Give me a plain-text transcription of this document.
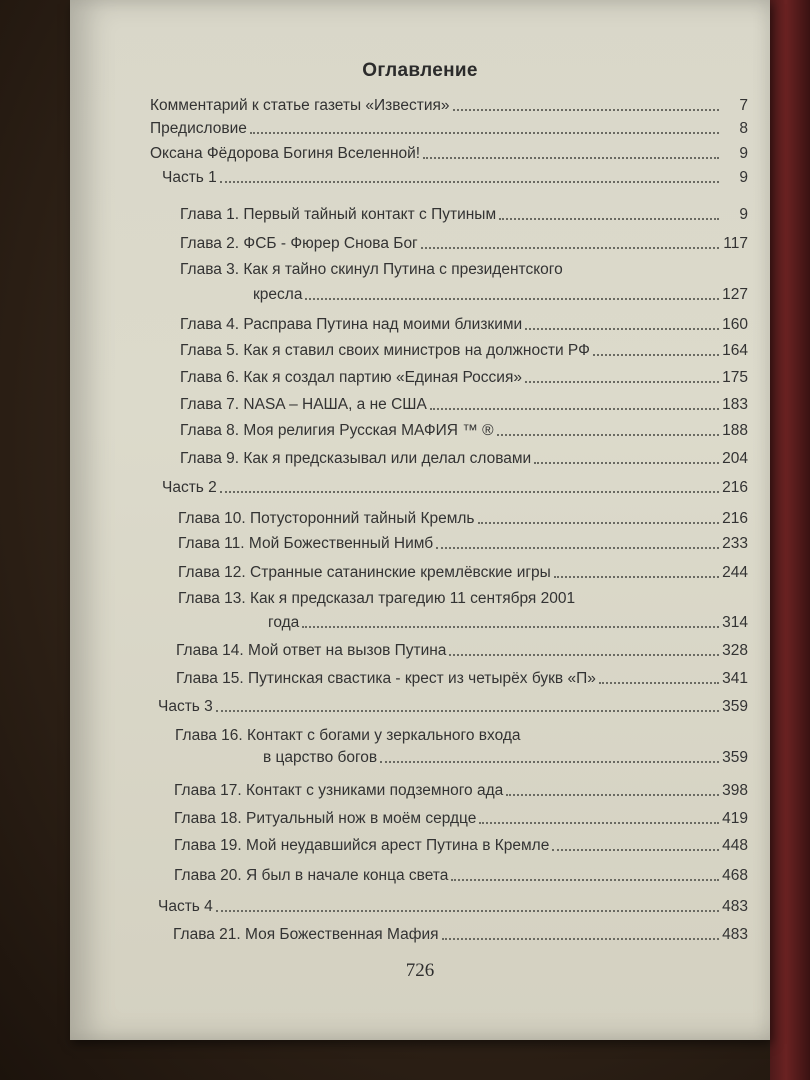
Оглавление
Комментарий к статье газеты «Известия»	7
Предисловие	8
Оксана Фёдорова Богиня Вселенной!	9
Часть 1	9
Глава 1. Первый тайный контакт с Путиным	9
Глава 2. ФСБ - Фюрер Снова Бог	117
Глава 3. Как я тайно скинул Путина с президентского
кресла	127
Глава 4. Расправа Путина над моими близкими	160
Глава 5. Как я ставил своих министров на должности РФ	164
Глава 6. Как я создал партию «Единая Россия»	175
Глава 7. NASA – НАША, а не США	183
Глава 8. Моя религия Русская МАФИЯ ™ ®	188
Глава 9. Как я предсказывал или делал словами	204
Часть 2	216
Глава 10. Потусторонний тайный Кремль	216
Глава 11. Мой Божественный Нимб	233
Глава 12. Странные сатанинские кремлёвские игры	244
Глава 13. Как я предсказал трагедию 11 сентября 2001
года	314
Глава 14. Мой ответ на вызов Путина	328
Глава 15. Путинская свастика - крест из четырёх букв «П»	341
Часть 3	359
Глава 16. Контакт с богами у зеркального входа
в царство богов	359
Глава 17. Контакт с узниками подземного ада	398
Глава 18. Ритуальный нож в моём сердце	419
Глава 19. Мой неудавшийся арест Путина в Кремле	448
Глава 20. Я был в начале конца света	468
Часть 4	483
Глава 21. Моя Божественная Мафия	483
726
